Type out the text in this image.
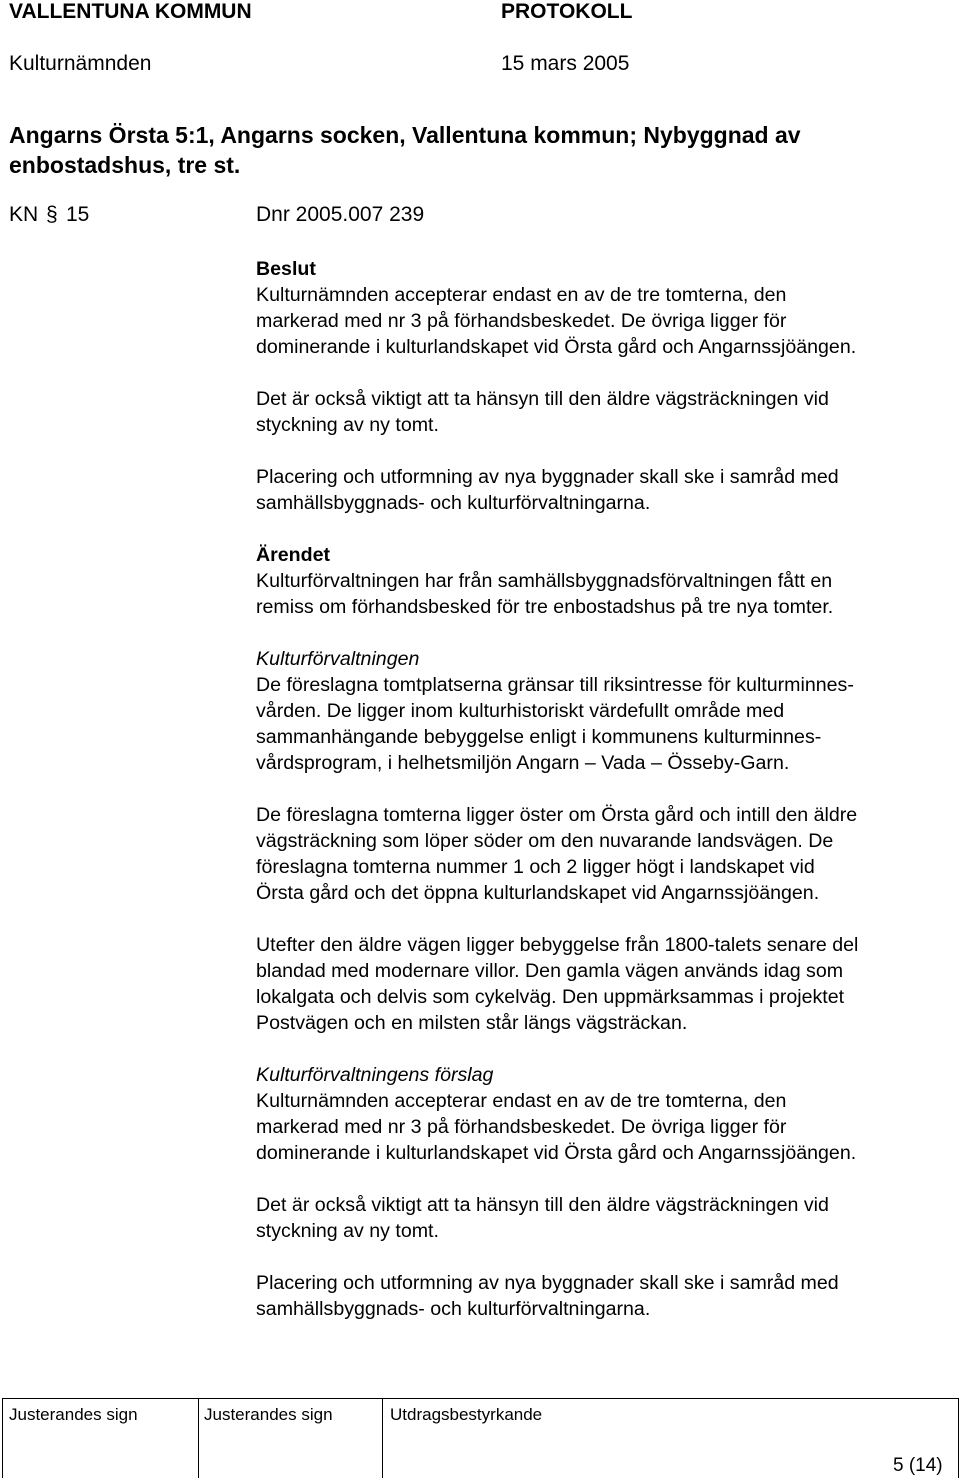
VALLENTUNA KOMMUN	PROTOKOLL
Kulturnämnden	15 mars 2005
Angarns Örsta 5:1, Angarns socken, Vallentuna kommun; Nybyggnad av
enbostadshus, tre st.
KN § 15	Dnr 2005.007 239

Beslut

Kulturnämnden accepterar endast en av de tre tomterna, den

markerad med nr 3 på förhandsbeskedet. De övriga ligger för

dominerande i kulturlandskapet vid Örsta gård och Angarnssjöängen.

Det är också viktigt att ta hänsyn till den äldre vägsträckningen vid

styckning av ny tomt.

Placering och utformning av nya byggnader skall ske i samråd med

samhällsbyggnads- och kulturförvaltningarna.

Ärendet

Kulturförvaltningen har från samhällsbyggnadsförvaltningen fått en

remiss om förhandsbesked för tre enbostadshus på tre nya tomter.

Kulturförvaltningen

De föreslagna tomtplatserna gränsar till riksintresse för kulturminnes-

vården. De ligger inom kulturhistoriskt värdefullt område med

sammanhängande bebyggelse enligt i kommunens kulturminnes-

vårdsprogram, i helhetsmiljön Angarn – Vada – Össeby-Garn.

De föreslagna tomterna ligger öster om Örsta gård och intill den äldre

vägsträckning som löper söder om den nuvarande landsvägen. De

föreslagna tomterna nummer 1 och 2 ligger högt i landskapet vid

Örsta gård och det öppna kulturlandskapet vid Angarnssjöängen.

Utefter den äldre vägen ligger bebyggelse från 1800-talets senare del

blandad med modernare villor. Den gamla vägen används idag som

lokalgata och delvis som cykelväg. Den uppmärksammas i projektet

Postvägen och en milsten står längs vägsträckan.

Kulturförvaltningens förslag

Kulturnämnden accepterar endast en av de tre tomterna, den

markerad med nr 3 på förhandsbeskedet. De övriga ligger för

dominerande i kulturlandskapet vid Örsta gård och Angarnssjöängen.

Det är också viktigt att ta hänsyn till den äldre vägsträckningen vid

styckning av ny tomt.

Placering och utformning av nya byggnader skall ske i samråd med

samhällsbyggnads- och kulturförvaltningarna.

Justerandes sign	Justerandes sign	Utdragsbestyrkande
5 (14)
